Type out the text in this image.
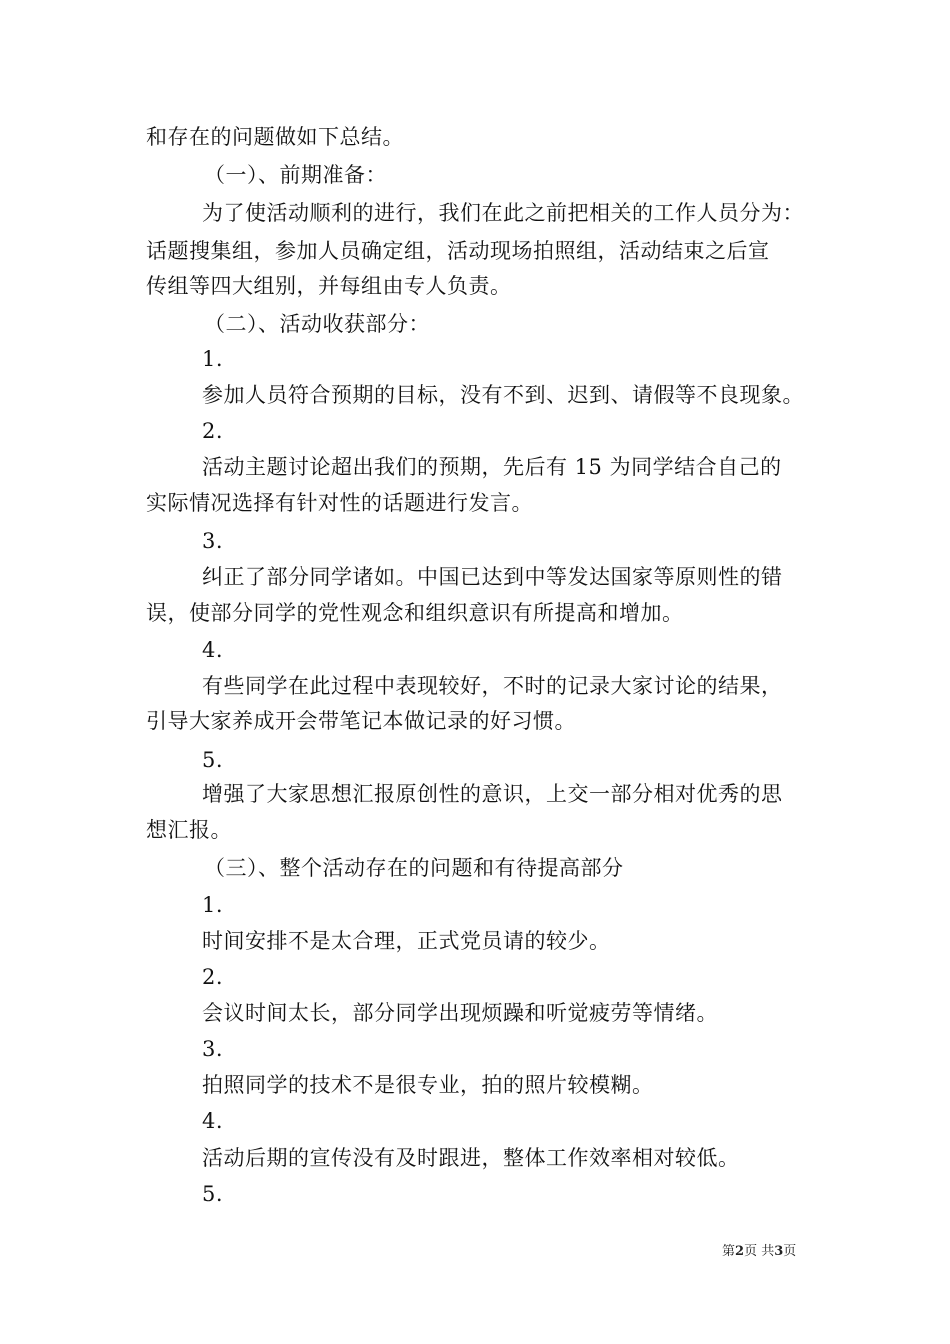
和存在的问题做如下总结。
（一）、前期准备：
为了使活动顺利的进行，我们在此之前把相关的工作人员分为：
话题搜集组，参加人员确定组，活动现场拍照组，活动结束之后宣
传组等四大组别，并每组由专人负责。
（二）、活动收获部分：
1.
参加人员符合预期的目标，没有不到、迟到、请假等不良现象。
2.
活动主题讨论超出我们的预期，先后有 15 为同学结合自己的
实际情况选择有针对性的话题进行发言。
3.
纠正了部分同学诸如。中国已达到中等发达国家等原则性的错
误，使部分同学的党性观念和组织意识有所提高和增加。
4.
有些同学在此过程中表现较好，不时的记录大家讨论的结果，
引导大家养成开会带笔记本做记录的好习惯。
5.
增强了大家思想汇报原创性的意识，上交一部分相对优秀的思
想汇报。
（三）、整个活动存在的问题和有待提高部分
1.
时间安排不是太合理，正式党员请的较少。
2.
会议时间太长，部分同学出现烦躁和听觉疲劳等情绪。
3.
拍照同学的技术不是很专业，拍的照片较模糊。
4.
活动后期的宣传没有及时跟进，整体工作效率相对较低。
5.
第2页 共3页
